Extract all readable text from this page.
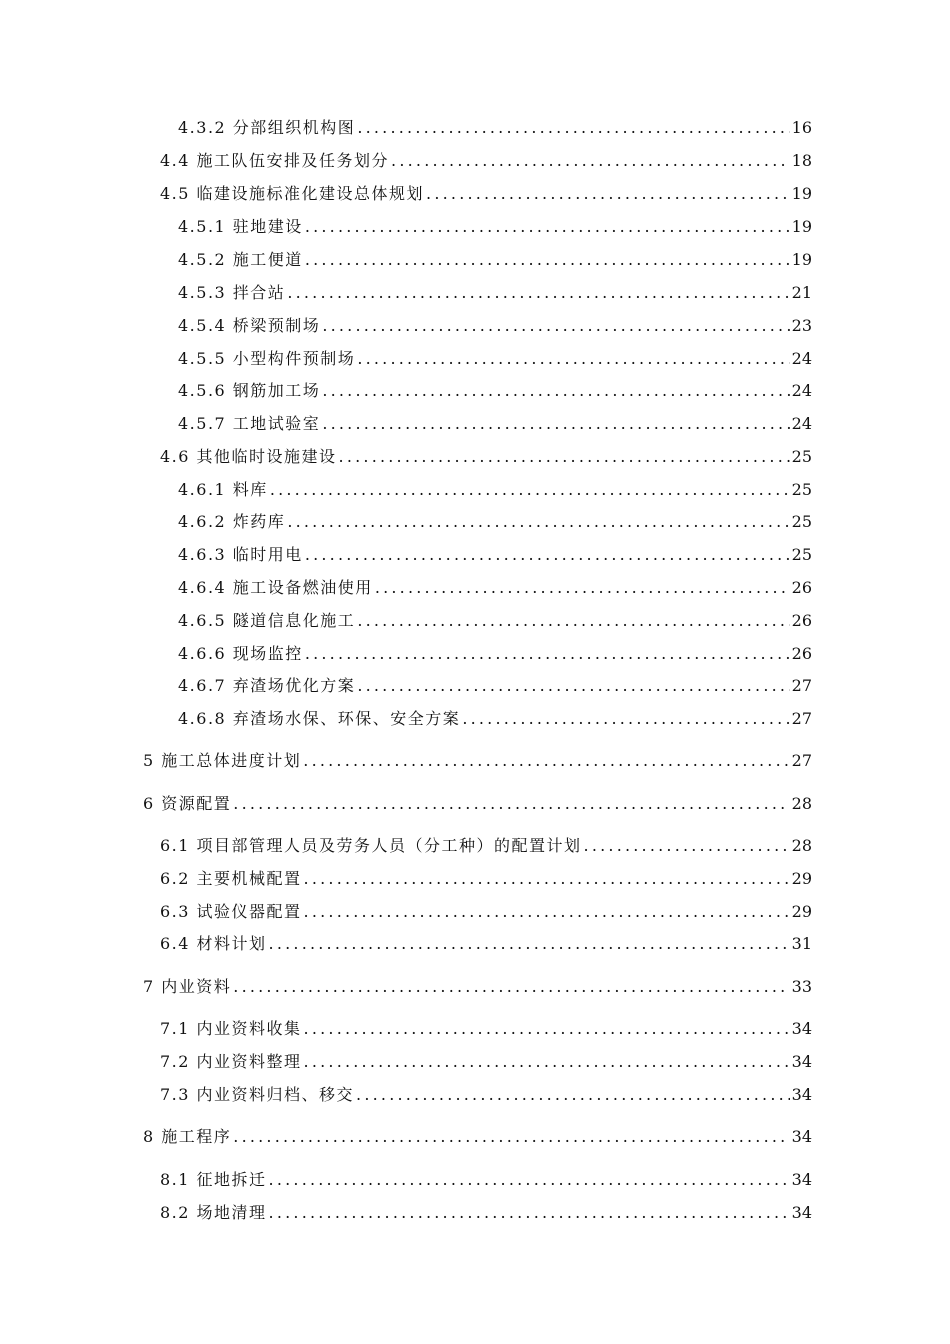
4.3.2 分部组织机构图 .....	16
4.4 施工队伍安排及任务划分 .....	18
4.5 临建设施标准化建设总体规划 .....	19
4.5.1 驻地建设 .....	19
4.5.2 施工便道 .....	19
4.5.3 拌合站 .....	21
4.5.4 桥梁预制场 .....	23
4.5.5 小型构件预制场 .....	24
4.5.6 钢筋加工场 .....	24
4.5.7 工地试验室 .....	24
4.6 其他临时设施建设 .....	25
4.6.1 料库 .....	25
4.6.2 炸药库 .....	25
4.6.3 临时用电 .....	25
4.6.4 施工设备燃油使用 .....	26
4.6.5 隧道信息化施工 .....	26
4.6.6 现场监控 .....	26
4.6.7 弃渣场优化方案 .....	27
4.6.8 弃渣场水保、环保、安全方案 .....	27
5 施工总体进度计划 .....	27
6 资源配置 .....	28
6.1 项目部管理人员及劳务人员（分工种）的配置计划 .....	28
6.2 主要机械配置 .....	29
6.3 试验仪器配置 .....	29
6.4 材料计划 .....	31
7 内业资料 .....	33
7.1 内业资料收集 .....	34
7.2 内业资料整理 .....	34
7.3 内业资料归档、移交 .....	34
8 施工程序 .....	34
8.1 征地拆迁 .....	34
8.2 场地清理 .....	34
